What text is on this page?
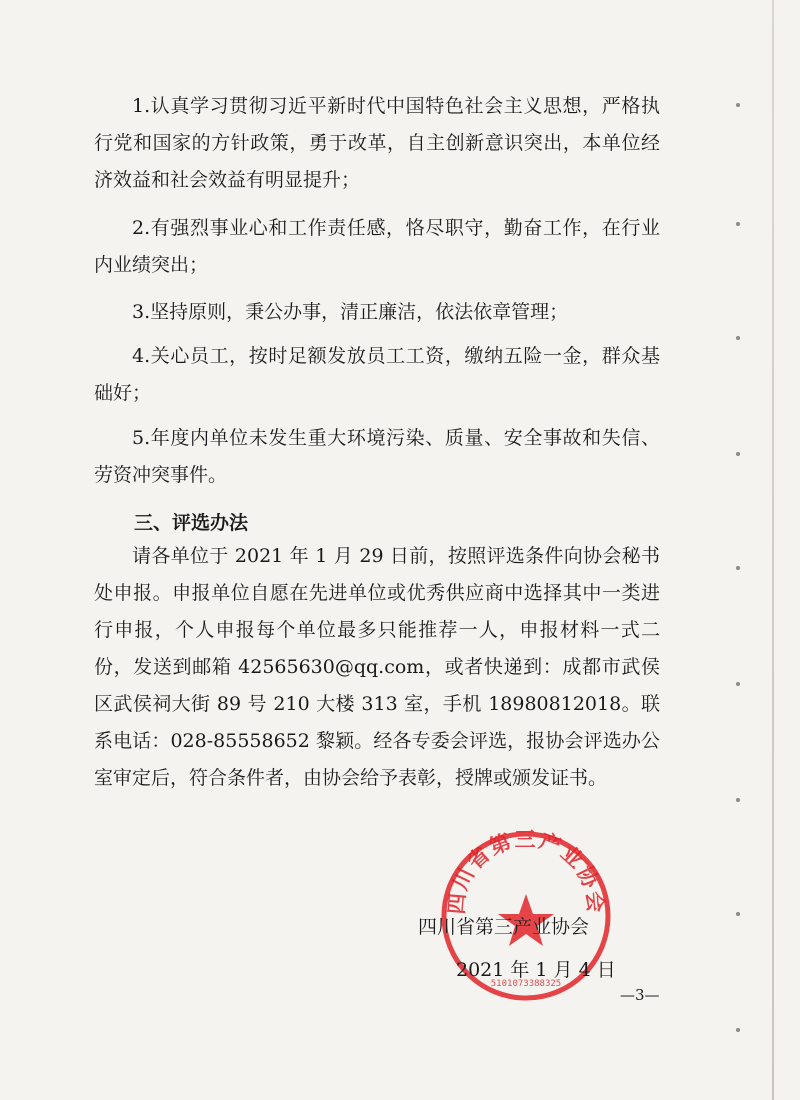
1.认真学习贯彻习近平新时代中国特色社会主义思想，严格执行党和国家的方针政策，勇于改革，自主创新意识突出，本单位经济效益和社会效益有明显提升；

2.有强烈事业心和工作责任感，恪尽职守，勤奋工作，在行业内业绩突出；

3.坚持原则，秉公办事，清正廉洁，依法依章管理；

4.关心员工，按时足额发放员工工资，缴纳五险一金，群众基础好；

5.年度内单位未发生重大环境污染、质量、安全事故和失信、劳资冲突事件。

三、评选办法

请各单位于 2021 年 1 月 29 日前，按照评选条件向协会秘书处申报。申报单位自愿在先进单位或优秀供应商中选择其中一类进行申报，个人申报每个单位最多只能推荐一人，申报材料一式二份，发送到邮箱 42565630@qq.com，或者快递到：成都市武侯区武侯祠大街 89 号 210 大楼 313 室，手机 18980812018。联系电话：028-85558652 黎颖。经各专委会评选，报协会评选办公室审定后，符合条件者，由协会给予表彰，授牌或颁发证书。

四川省第三产业协会
5101073388325

四川省第三产业协会

2021 年 1 月 4 日

—3—
